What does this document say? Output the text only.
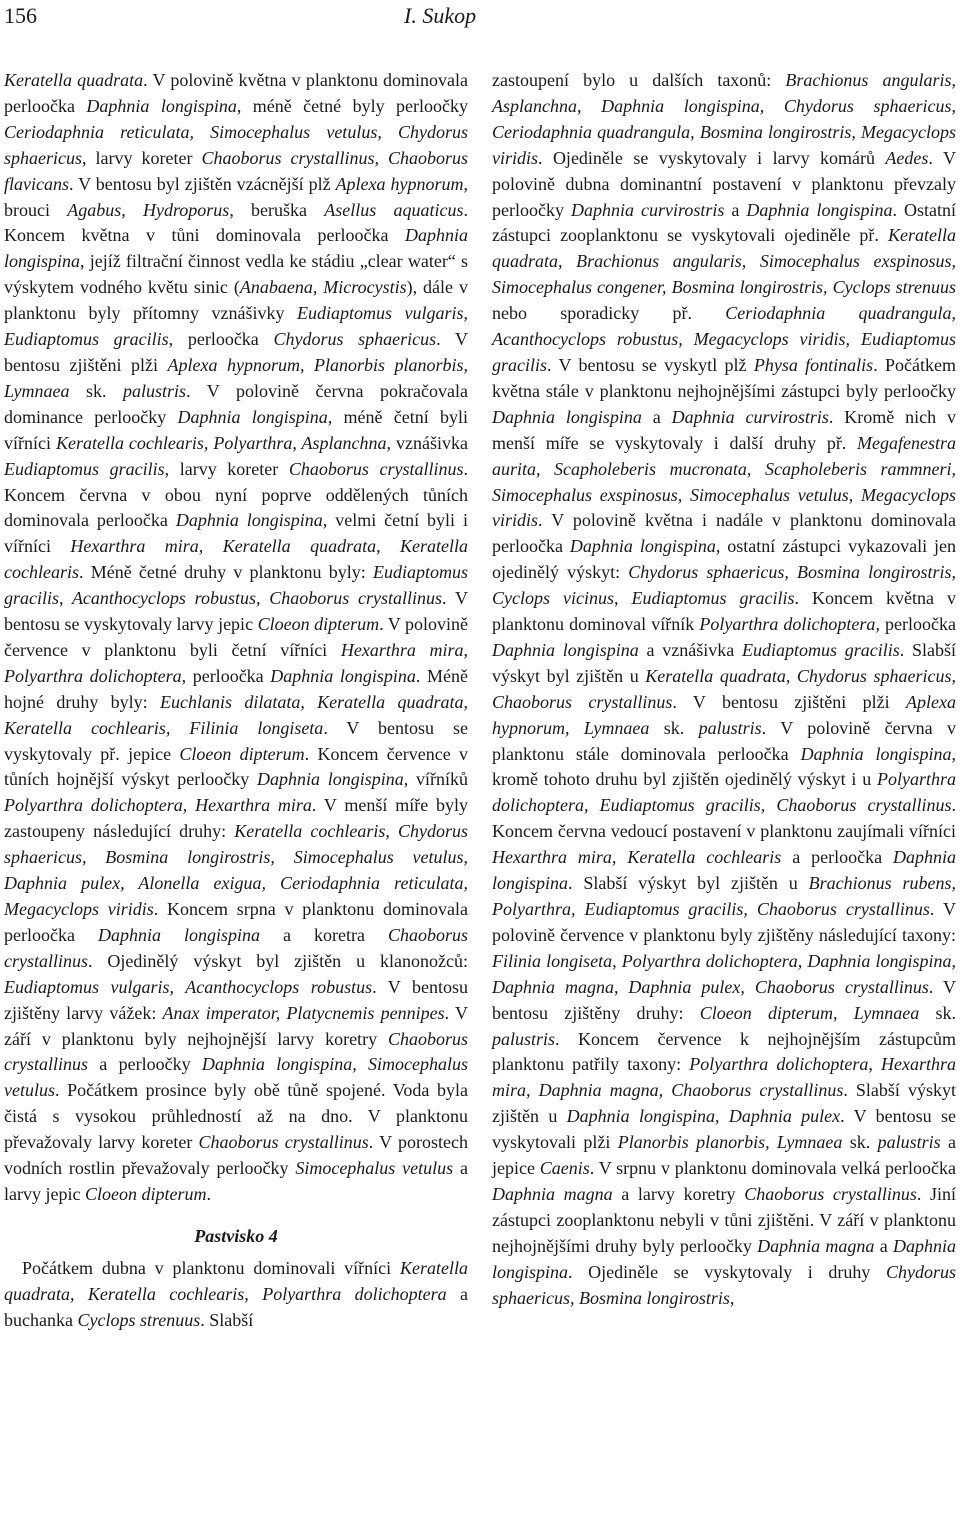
156	I. Sukop

Keratella quadrata. V polovině května v planktonu dominovala perloočka Daphnia longispina, méně četné byly perloočky Ceriodaphnia reticulata, Simocephalus vetulus, Chydorus sphaericus, larvy koreter Chaoborus crystallinus, Chaoborus flavicans. V bentosu byl zjištěn vzácnější plž Aplexa hypnorum, brouci Agabus, Hydroporus, beruška Asellus aquaticus. Koncem května v tůni dominovala perloočka Daphnia longispina, jejíž filtrační činnost vedla ke stádiu „clear water“ s výskytem vodného květu sinic (Anabaena, Microcystis), dále v planktonu byly přítomny vznášivky Eudiaptomus vulgaris, Eudiaptomus gracilis, perloočka Chydorus sphaericus. V bentosu zjištěni plži Aplexa hypnorum, Planorbis planorbis, Lymnaea sk. palustris. V polovině června pokračovala dominance perloočky Daphnia longispina, méně četní byli vířníci Keratella cochlearis, Polyarthra, Asplanchna, vznášivka Eudiaptomus gracilis, larvy koreter Chaoborus crystallinus. Koncem června v obou nyní poprve oddělených tůních dominovala perloočka Daphnia longispina, velmi četní byli i vířníci Hexarthra mira, Keratella quadrata, Keratella cochlearis. Méně četné druhy v planktonu byly: Eudiaptomus gracilis, Acanthocyclops robustus, Chaoborus crystallinus. V bentosu se vyskytovaly larvy jepic Cloeon dipterum. V polovině července v planktonu byli četní vířníci Hexarthra mira, Polyarthra dolichoptera, perloočka Daphnia longispina. Méně hojné druhy byly: Euchlanis dilatata, Keratella quadrata, Keratella cochlearis, Filinia longiseta. V bentosu se vyskytovaly př. jepice Cloeon dipterum. Koncem července v tůních hojnější výskyt perloočky Daphnia longispina, vířníků Polyarthra dolichoptera, Hexarthra mira. V menší míře byly zastoupeny následující druhy: Keratella cochlearis, Chydorus sphaericus, Bosmina longirostris, Simocephalus vetulus, Daphnia pulex, Alonella exigua, Ceriodaphnia reticulata, Megacyclops viridis. Koncem srpna v planktonu dominovala perloočka Daphnia longispina a koretra Chaoborus crystallinus. Ojedinělý výskyt byl zjištěn u klanonožců: Eudiaptomus vulgaris, Acanthocyclops robustus. V bentosu zjištěny larvy vážek: Anax imperator, Platycnemis pennipes. V září v planktonu byly nejhojnější larvy koretry Chaoborus crystallinus a perloočky Daphnia longispina, Simocephalus vetulus. Počátkem prosince byly obě tůně spojené. Voda byla čistá s vysokou průhledností až na dno. V planktonu převažovaly larvy koreter Chaoborus crystallinus. V porostech vodních rostlin převažovaly perloočky Simocephalus vetulus a larvy jepic Cloeon dipterum.

Pastvisko 4

Počátkem dubna v planktonu dominovali vířníci Keratella quadrata, Keratella cochlearis, Polyarthra dolichoptera a buchanka Cyclops strenuus. Slabší

zastoupení bylo u dalších taxonů: Brachionus angularis, Asplanchna, Daphnia longispina, Chydorus sphaericus, Ceriodaphnia quadrangula, Bosmina longirostris, Megacyclops viridis. Ojediněle se vyskytovaly i larvy komárů Aedes. V polovině dubna dominantní postavení v planktonu převzaly perloočky Daphnia curvirostris a Daphnia longispina. Ostatní zástupci zooplanktonu se vyskytovali ojediněle př. Keratella quadrata, Brachionus angularis, Simocephalus exspinosus, Simocephalus congener, Bosmina longirostris, Cyclops strenuus nebo sporadicky př. Ceriodaphnia quadrangula, Acanthocyclops robustus, Megacyclops viridis, Eudiaptomus gracilis. V bentosu se vyskytl plž Physa fontinalis. Počátkem května stále v planktonu nejhojnějšími zástupci byly perloočky Daphnia longispina a Daphnia curvirostris. Kromě nich v menší míře se vyskytovaly i další druhy př. Megafenestra aurita, Scapholeberis mucronata, Scapholeberis rammneri, Simocephalus exspinosus, Simocephalus vetulus, Megacyclops viridis. V polovině května i nadále v planktonu dominovala perloočka Daphnia longispina, ostatní zástupci vykazovali jen ojedinělý výskyt: Chydorus sphaericus, Bosmina longirostris, Cyclops vicinus, Eudiaptomus gracilis. Koncem května v planktonu dominoval vířník Polyarthra dolichoptera, perloočka Daphnia longispina a vznášivka Eudiaptomus gracilis. Slabší výskyt byl zjištěn u Keratella quadrata, Chydorus sphaericus, Chaoborus crystallinus. V bentosu zjištěni plži Aplexa hypnorum, Lymnaea sk. palustris. V polovině června v planktonu stále dominovala perloočka Daphnia longispina, kromě tohoto druhu byl zjištěn ojedinělý výskyt i u Polyarthra dolichoptera, Eudiaptomus gracilis, Chaoborus crystallinus. Koncem června vedoucí postavení v planktonu zaujímali vířníci Hexarthra mira, Keratella cochlearis a perloočka Daphnia longispina. Slabší výskyt byl zjištěn u Brachionus rubens, Polyarthra, Eudiaptomus gracilis, Chaoborus crystallinus. V polovině července v planktonu byly zjištěny následující taxony: Filinia longiseta, Polyarthra dolichoptera, Daphnia longispina, Daphnia magna, Daphnia pulex, Chaoborus crystallinus. V bentosu zjištěny druhy: Cloeon dipterum, Lymnaea sk. palustris. Koncem července k nejhojnějším zástupcům planktonu patřily taxony: Polyarthra dolichoptera, Hexarthra mira, Daphnia magna, Chaoborus crystallinus. Slabší výskyt zjištěn u Daphnia longispina, Daphnia pulex. V bentosu se vyskytovali plži Planorbis planorbis, Lymnaea sk. palustris a jepice Caenis. V srpnu v planktonu dominovala velká perloočka Daphnia magna a larvy koretry Chaoborus crystallinus. Jiní zástupci zooplanktonu nebyli v tůni zjištěni. V září v planktonu nejhojnějšími druhy byly perloočky Daphnia magna a Daphnia longispina. Ojediněle se vyskytovaly i druhy Chydorus sphaericus, Bosmina longirostris,
